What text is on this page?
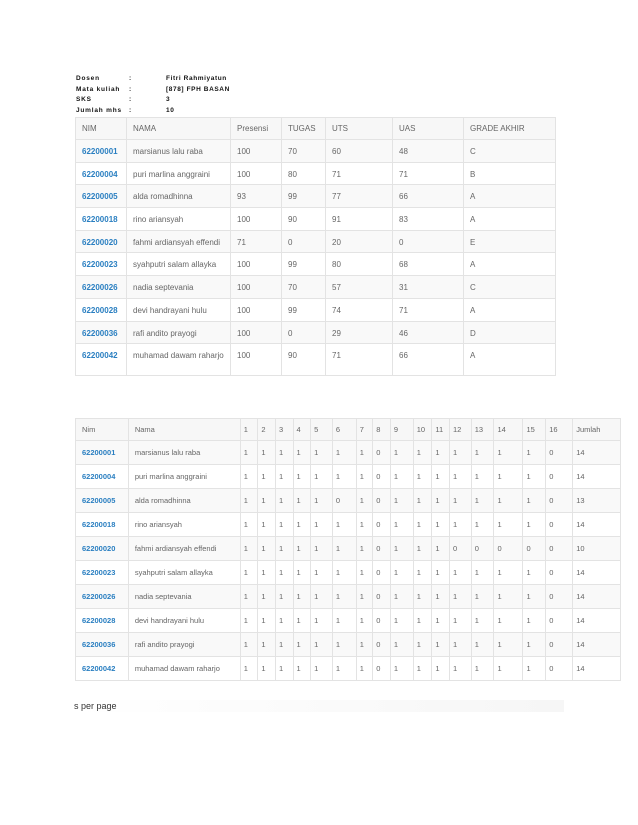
Dosen	:	Fitri Rahmiyatun
Mata kuliah	:	[878] FPH BASAN
SKS	:	3
Jumlah mhs	:	10
NIM	NAMA	Presensi	TUGAS	UTS	UAS	GRADE AKHIR
62200001	marsianus lalu raba	100	70	60	48	C
62200004	puri marlina anggraini	100	80	71	71	B
62200005	alda romadhinna	93	99	77	66	A
62200018	rino ariansyah	100	90	91	83	A
62200020	fahmi ardiansyah effendi	71	0	20	0	E
62200023	syahputri salam allayka	100	99	80	68	A
62200026	nadia septevania	100	70	57	31	C
62200028	devi handrayani hulu	100	99	74	71	A
62200036	rafi andito prayogi	100	0	29	46	D
62200042	muhamad dawam raharjo	100	90	71	66	A
Nim	Nama	1	2	3	4	5	6	7	8	9	10	11	12	13	14	15	16	Jumlah
62200001	marsianus lalu raba	1	1	1	1	1	1	1	0	1	1	1	1	1	1	1	0	14
62200004	puri marlina anggraini	1	1	1	1	1	1	1	0	1	1	1	1	1	1	1	0	14
62200005	alda romadhinna	1	1	1	1	1	0	1	0	1	1	1	1	1	1	1	0	13
62200018	rino ariansyah	1	1	1	1	1	1	1	0	1	1	1	1	1	1	1	0	14
62200020	fahmi ardiansyah effendi	1	1	1	1	1	1	1	0	1	1	1	0	0	0	0	0	10
62200023	syahputri salam allayka	1	1	1	1	1	1	1	0	1	1	1	1	1	1	1	0	14
62200026	nadia septevania	1	1	1	1	1	1	1	0	1	1	1	1	1	1	1	0	14
62200028	devi handrayani hulu	1	1	1	1	1	1	1	0	1	1	1	1	1	1	1	0	14
62200036	rafi andito prayogi	1	1	1	1	1	1	1	0	1	1	1	1	1	1	1	0	14
62200042	muhamad dawam raharjo	1	1	1	1	1	1	1	0	1	1	1	1	1	1	1	0	14
s per page
